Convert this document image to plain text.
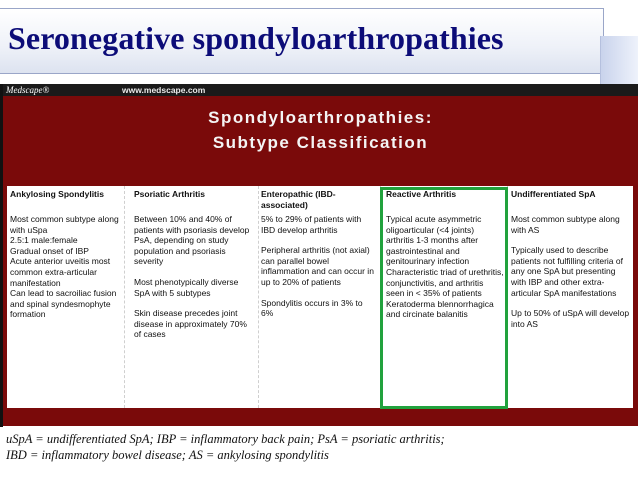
Seronegative spondyloarthropathies
Medscape®	www.medscape.com
Spondyloarthropathies:
Subtype Classification
Ankylosing Spondylitis

Most common subtype along with uSpa

2.5:1 male:female

Gradual onset of IBP

Acute anterior uveitis most common extra-articular manifestation

Can lead to sacroiliac fusion and spinal syndesmophyte formation

Psoriatic Arthritis

Between 10% and 40% of patients with psoriasis develop PsA, depending on study population and psoriasis severity

Most phenotypically diverse SpA with 5 subtypes

Skin disease precedes joint disease in approximately 70% of cases

Enteropathic (IBD-associated)

5% to 29% of patients with IBD develop arthritis

Peripheral arthritis (not axial) can parallel bowel inflammation and can occur in up to 20% of patients

Spondylitis occurs in 3% to 6%

Reactive Arthritis

Typical acute asymmetric oligoarticular (<4 joints) arthritis 1-3 months after gastrointestinal and genitourinary infection

Characteristic triad of urethritis, conjunctivitis, and arthritis seen in < 35% of patients

Keratoderma blennorrhagica and circinate balanitis

Undifferentiated SpA

Most common subtype along with AS

Typically used to describe patients not fulfilling criteria of any one SpA but presenting with IBP and other extra-articular SpA manifestations

Up to 50% of uSpA will develop into AS

uSpA = undifferentiated SpA; IBP = inflammatory back pain; PsA = psoriatic arthritis;
IBD = inflammatory bowel disease; AS = ankylosing spondylitis
